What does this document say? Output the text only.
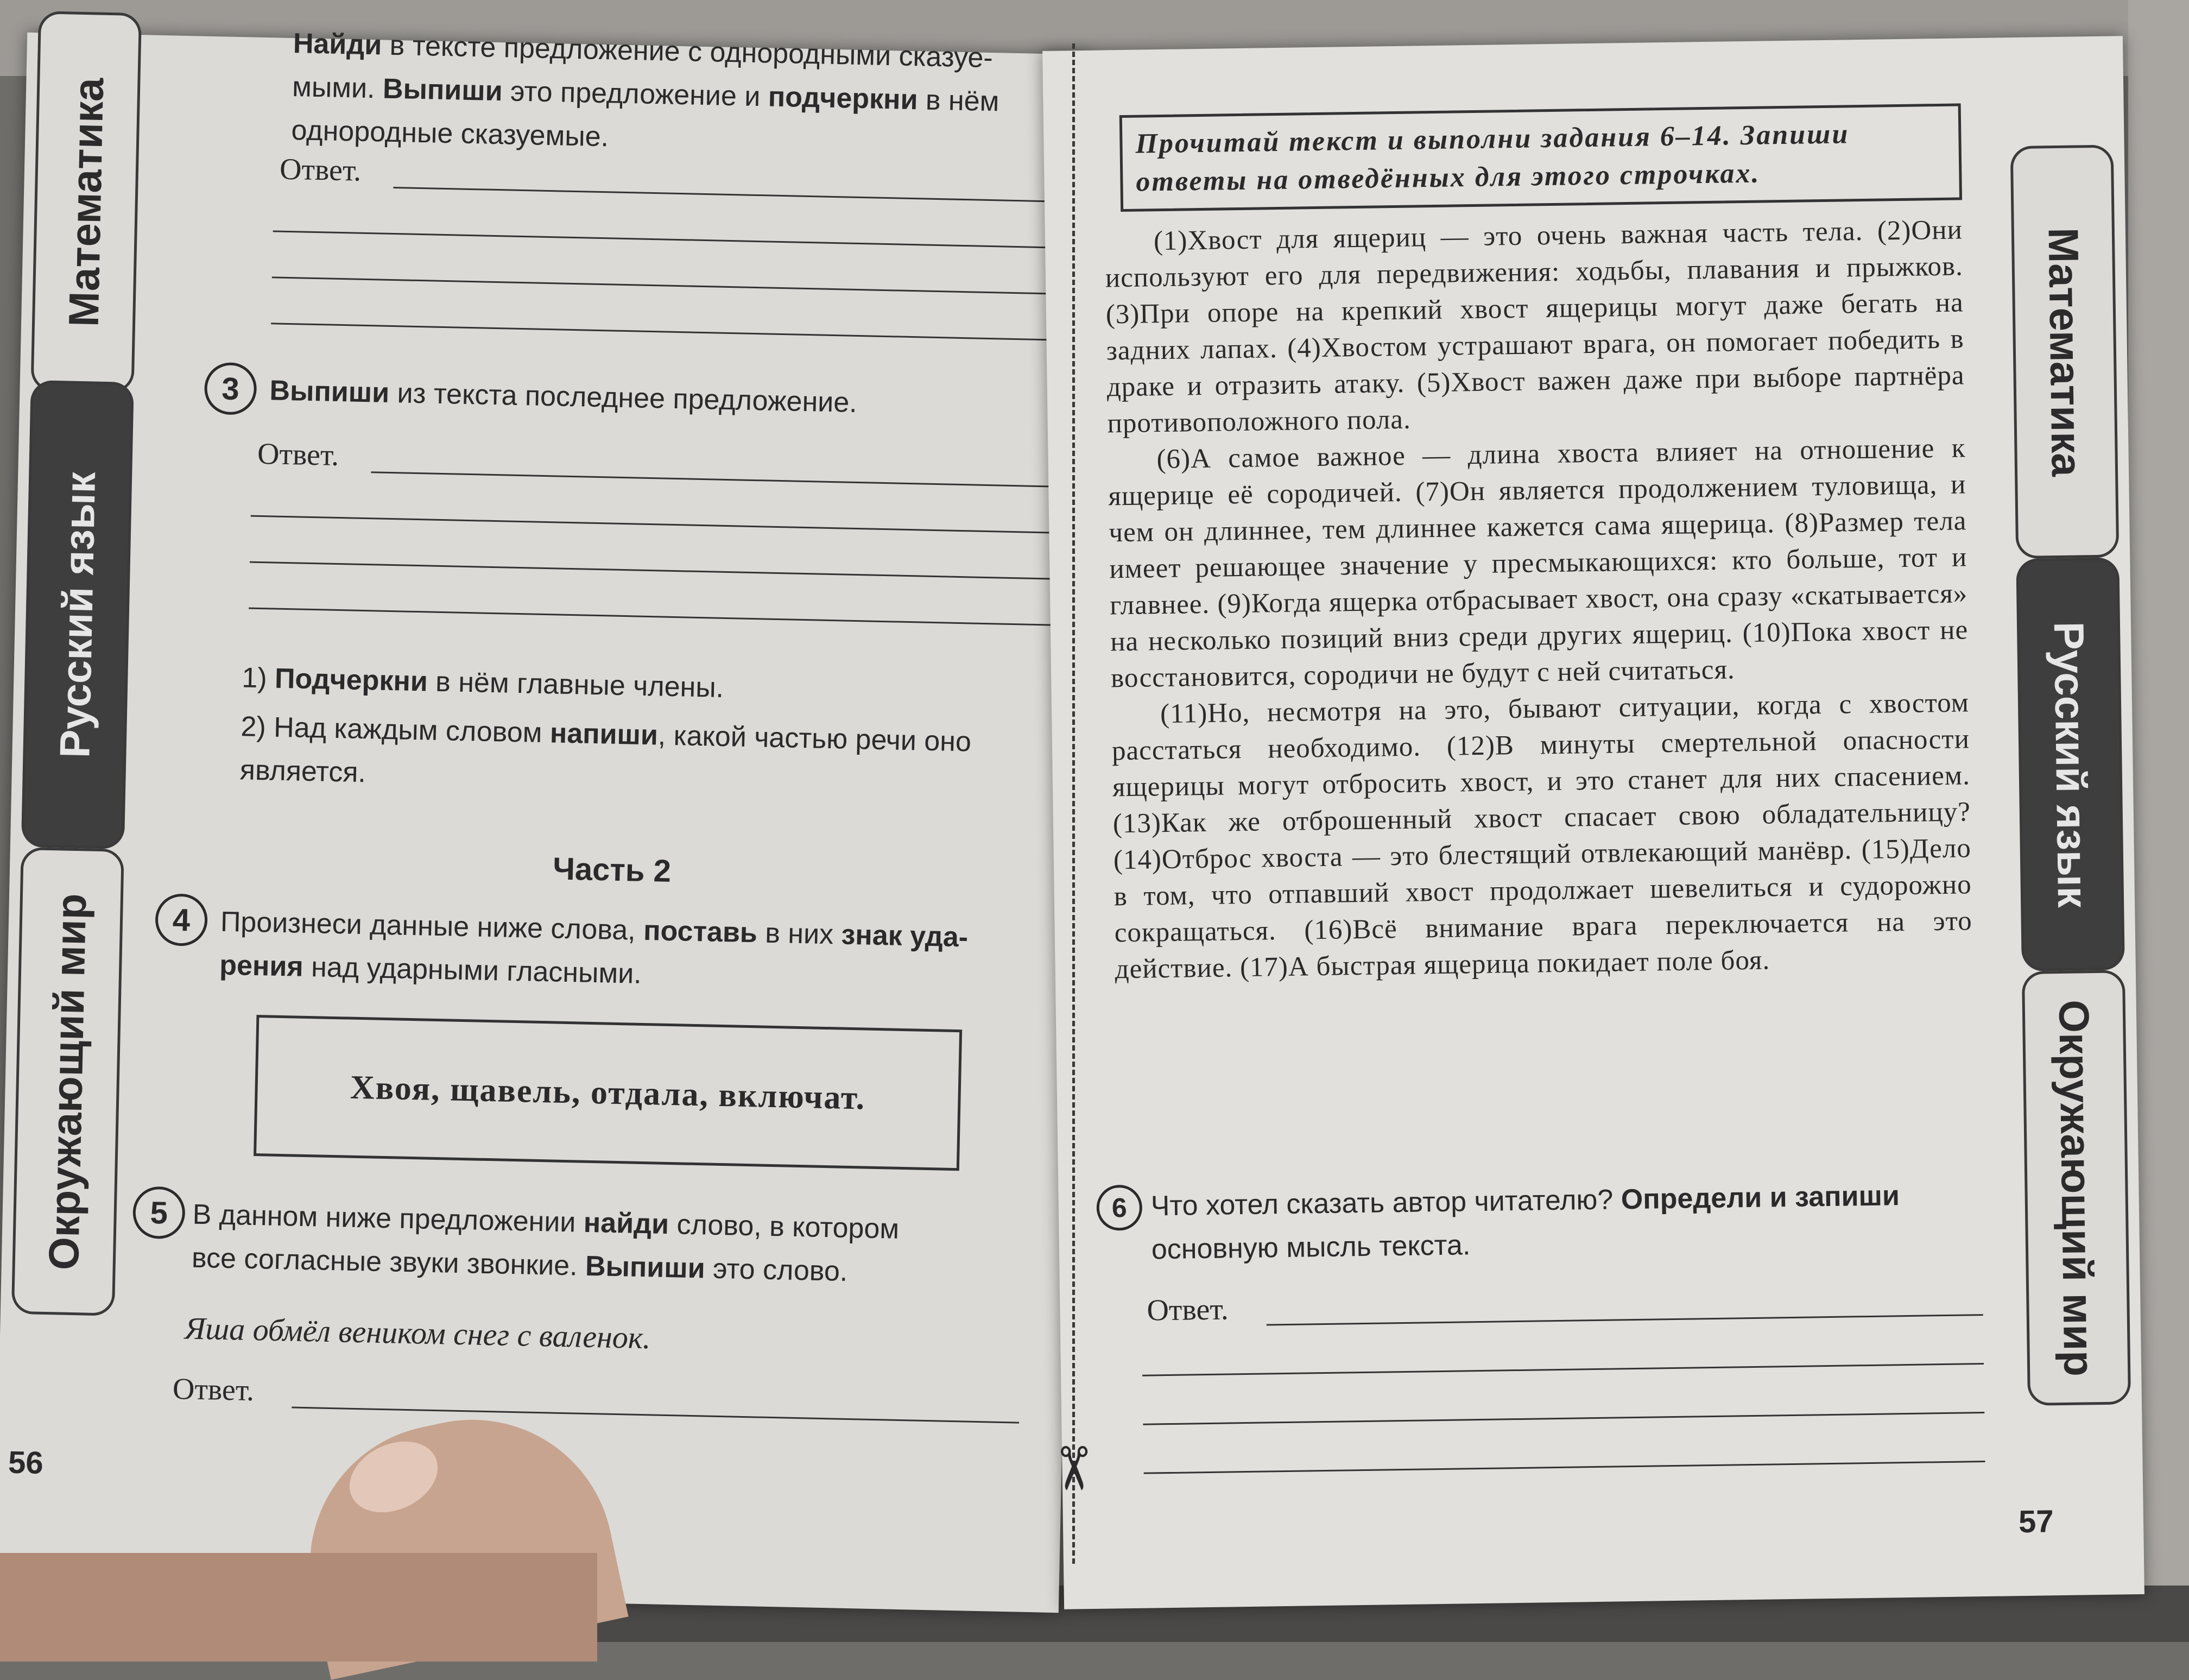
Математика
Русский язык
Окружающий мир
Найди в тексте предложение с однородными сказуе-
мыми. Выпиши это предложение и подчеркни в нём
однородные сказуемые.
Ответ.
3	Выпиши из текста последнее предложение.
Ответ.
1) Подчеркни в нём главные члены.
2) Над каждым словом напиши, какой частью речи оно
является.
Часть 2
4	Произнеси данные ниже слова, поставь в них знак уда-
рения над ударными гласными.
Хвоя, щавель, отдала, включат.
5 В данном ниже предложении найди слово, в котором
все согласные звуки звонкие. Выпиши это слово.
Яша обмёл веником снег с валенок.
Ответ.
56
Прочитай текст и выполни задания 6–14. Запиши
ответы на отведённых для этого строчках.

(1)Хвост для ящериц — это очень важная часть тела. (2)Они используют его для передвижения: ходьбы, плавания и прыжков. (3)При опоре на крепкий хвост ящерицы могут даже бегать на задних лапах. (4)Хвостом устрашают врага, он помогает победить в драке и отразить атаку. (5)Хвост важен даже при выборе партнёра противоположного пола.

(6)А самое важное — длина хвоста влияет на отношение к ящерице её сородичей. (7)Он является продолжением туловища, и чем он длиннее, тем длиннее кажется сама ящерица. (8)Размер тела имеет решающее значение у пресмыкающихся: кто больше, тот и главнее. (9)Когда ящерка отбрасывает хвост, она сразу «скатывается» на несколько позиций вниз среди других ящериц. (10)Пока хвост не восстановится, сородичи не будут с ней считаться.

(11)Но, несмотря на это, бывают ситуации, когда с хвостом расстаться необходимо. (12)В минуты смертельной опасности ящерицы могут отбросить хвост, и это станет для них спасением. (13)Как же отброшенный хвост спасает свою обладательницу? (14)Отброс хвоста — это блестящий отвлекающий манёвр. (15)Дело в том, что отпавший хвост продолжает шевелиться и судорожно сокращаться. (16)Всё внимание врага переключается на это действие. (17)А быстрая ящерица покидает поле боя.

6 Что хотел сказать автор читателю? Определи и запиши
основную мысль текста.
Ответ.
57
Математика
Русский язык
Окружающий мир
✂
